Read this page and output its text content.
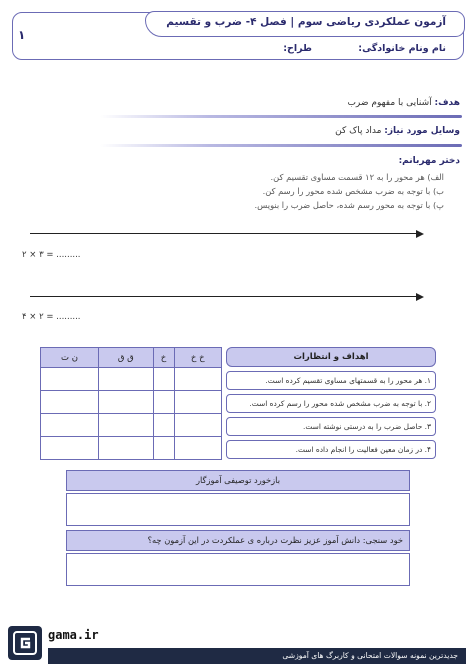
آزمون عملکردی ریاضی سوم | فصل ۴- ضرب و تقسیم
نام ونام خانوادگی:
طراح:
۱
هدف: آشنایی با مفهوم ضرب
وسایل مورد نیاز: مداد پاک کن
دختر مهربانم:
الف) هر محور را به ۱۲ قسمت مساوی تقسیم کن.
ب) با توجه به ضرب مشخص شده محور را رسم کن.
پ) با توجه به محور رسم شده، حاصل ضرب را بنویس.
۲ × ۳ = .........
۴ × ۲ = .........
اهداف و انتظارات
۱. هر محور را به قسمتهای مساوی تقسیم کرده است.
۲. با توجه به ضرب مشخص شده محور را رسم کرده است.
۳. حاصل ضرب را به درستی نوشته است.
۴. در زمان معین فعالیت را انجام داده است.
ن ت	ق ق	خ	خ خ

بازخورد توصیفی آموزگار
خود سنجی: دانش آموز عزیز نظرت درباره ی عملکردت در این آزمون چه؟
gama.ir
جدیدترین نمونه سوالات امتحانی و کاربرگ های آموزشی
